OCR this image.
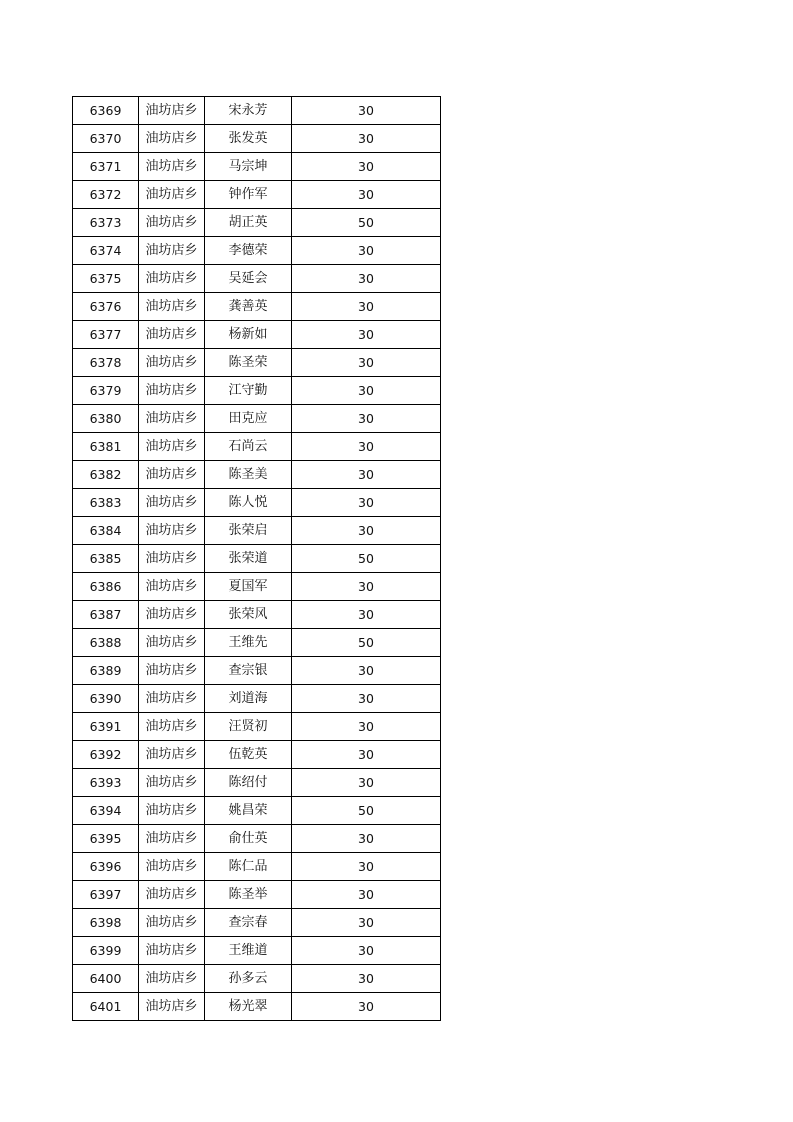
6369	油坊店乡	宋永芳	30
6370	油坊店乡	张发英	30
6371	油坊店乡	马宗坤	30
6372	油坊店乡	钟作军	30
6373	油坊店乡	胡正英	50
6374	油坊店乡	李德荣	30
6375	油坊店乡	吴延会	30
6376	油坊店乡	龚善英	30
6377	油坊店乡	杨新如	30
6378	油坊店乡	陈圣荣	30
6379	油坊店乡	江守勤	30
6380	油坊店乡	田克应	30
6381	油坊店乡	石尚云	30
6382	油坊店乡	陈圣美	30
6383	油坊店乡	陈人悦	30
6384	油坊店乡	张荣启	30
6385	油坊店乡	张荣道	50
6386	油坊店乡	夏国军	30
6387	油坊店乡	张荣风	30
6388	油坊店乡	王维先	50
6389	油坊店乡	查宗银	30
6390	油坊店乡	刘道海	30
6391	油坊店乡	汪贤初	30
6392	油坊店乡	伍乾英	30
6393	油坊店乡	陈绍付	30
6394	油坊店乡	姚昌荣	50
6395	油坊店乡	俞仕英	30
6396	油坊店乡	陈仁品	30
6397	油坊店乡	陈圣举	30
6398	油坊店乡	查宗春	30
6399	油坊店乡	王维道	30
6400	油坊店乡	孙多云	30
6401	油坊店乡	杨光翠	30
